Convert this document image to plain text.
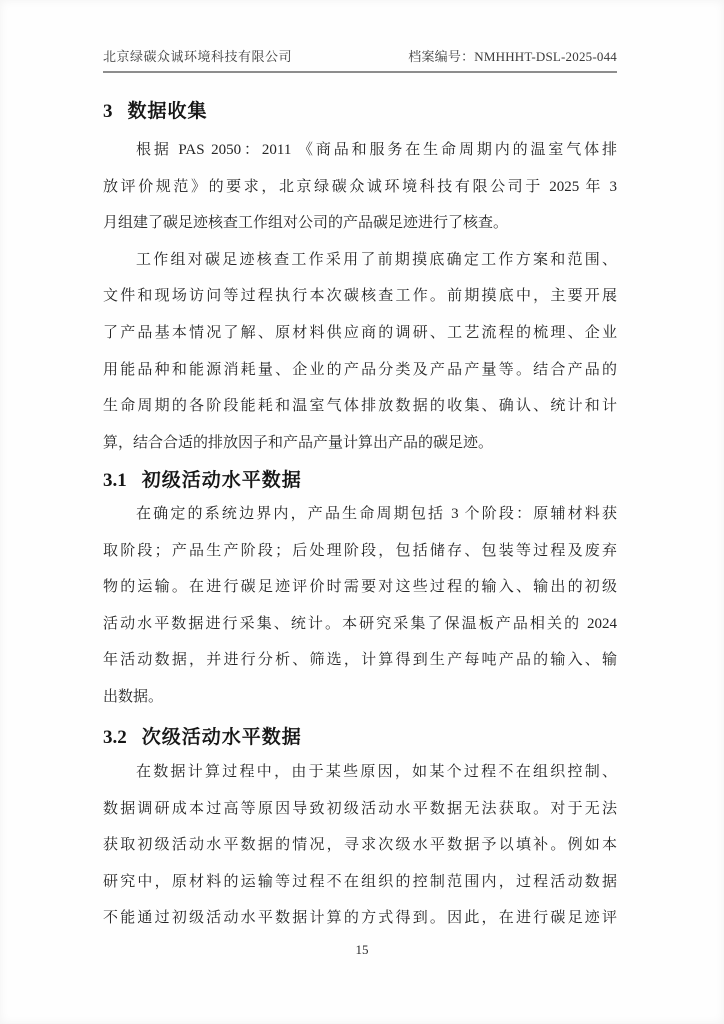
北京绿碳众诚环境科技有限公司	档案编号：NMHHHT-DSL-2025-044
3 数据收集
根据 PAS 2050：2011 《商品和服务在生命周期内的温室气体排
放评价规范》的要求，北京绿碳众诚环境科技有限公司于 2025 年 3
月组建了碳足迹核查工作组对公司的产品碳足迹进行了核查。
工作组对碳足迹核查工作采用了前期摸底确定工作方案和范围、
文件和现场访问等过程执行本次碳核查工作。前期摸底中，主要开展
了产品基本情况了解、原材料供应商的调研、工艺流程的梳理、企业
用能品种和能源消耗量、企业的产品分类及产品产量等。结合产品的
生命周期的各阶段能耗和温室气体排放数据的收集、确认、统计和计
算，结合合适的排放因子和产品产量计算出产品的碳足迹。
3.1 初级活动水平数据
在确定的系统边界内，产品生命周期包括 3 个阶段：原辅材料获
取阶段；产品生产阶段；后处理阶段，包括储存、包装等过程及废弃
物的运输。在进行碳足迹评价时需要对这些过程的输入、输出的初级
活动水平数据进行采集、统计。本研究采集了保温板产品相关的 2024
年活动数据，并进行分析、筛选，计算得到生产每吨产品的输入、输
出数据。
3.2 次级活动水平数据
在数据计算过程中，由于某些原因，如某个过程不在组织控制、
数据调研成本过高等原因导致初级活动水平数据无法获取。对于无法
获取初级活动水平数据的情况，寻求次级水平数据予以填补。例如本
研究中，原材料的运输等过程不在组织的控制范围内，过程活动数据
不能通过初级活动水平数据计算的方式得到。因此，在进行碳足迹评
15
